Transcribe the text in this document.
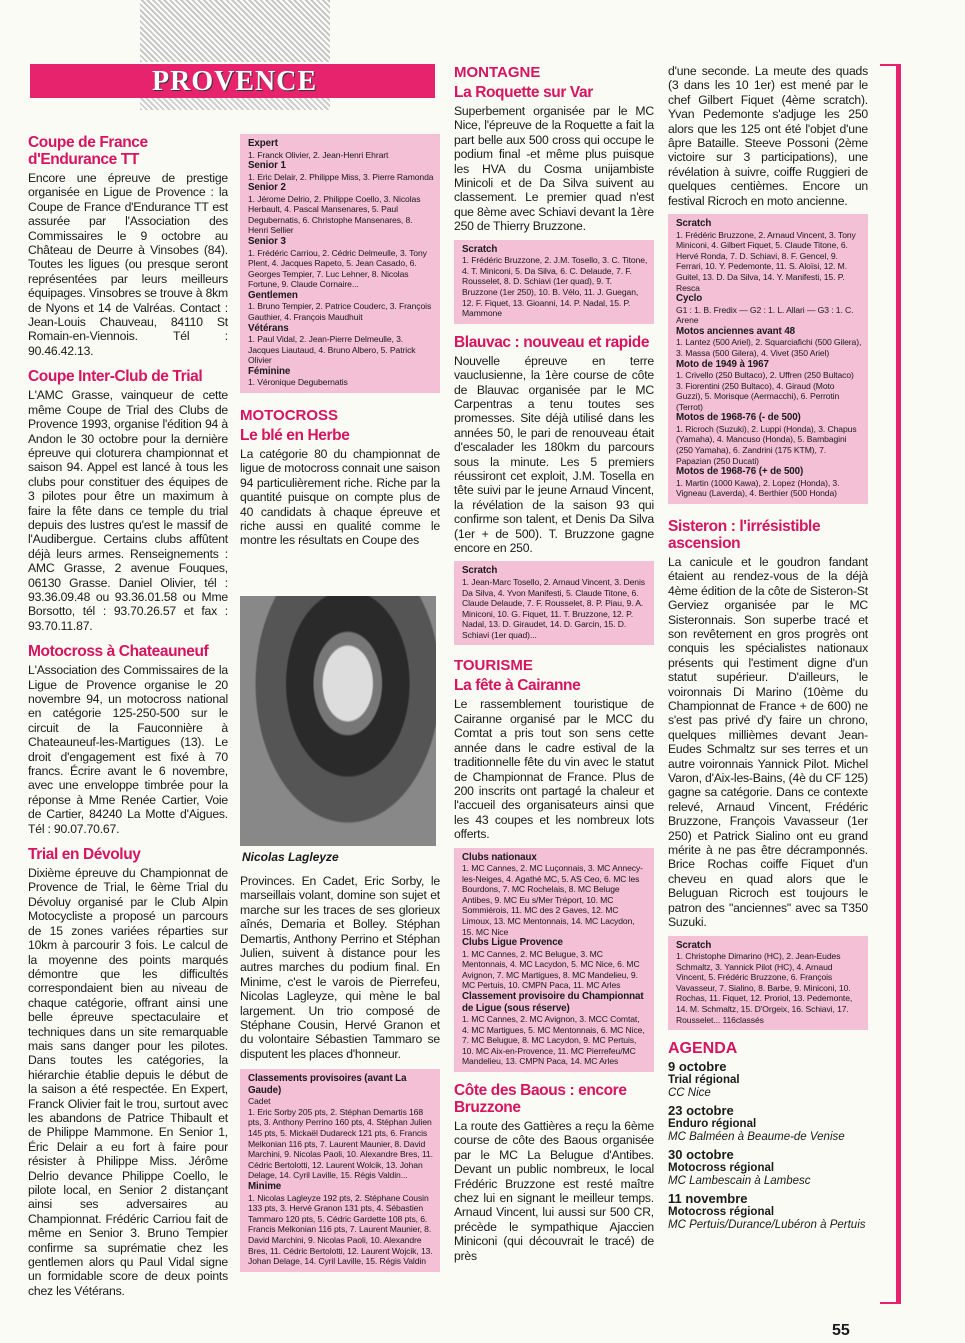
PROVENCE
Coupe de France d'Endurance TT

Encore une épreuve de prestige organisée en Ligue de Provence : la Coupe de France d'Endurance TT est assurée par l'Association des Commissaires le 9 octobre au Château de Deurre à Vinsobes (84). Toutes les ligues (ou presque seront représentées par leurs meilleurs équipages. Vinsobres se trouve à 8km de Nyons et 14 de Valréas. Contact : Jean-Louis Chauveau, 84110 St Romain-en-Viennois. Tél : 90.46.42.13.

Coupe Inter-Club de Trial

L'AMC Grasse, vainqueur de cette même Coupe de Trial des Clubs de Provence 1993, organise l'édition 94 à Andon le 30 octobre pour la dernière épreuve qui cloturera championnat et saison 94. Appel est lancé à tous les clubs pour constituer des équipes de 3 pilotes pour être un maximum à faire la fête dans ce temple du trial depuis des lustres qu'est le massif de l'Audibergue. Certains clubs affûtent déjà leurs armes. Renseignements : AMC Grasse, 2 avenue Fouques, 06130 Grasse. Daniel Olivier, tél : 93.36.09.48 ou 93.36.01.58 ou Mme Borsotto, tél : 93.70.26.57 et fax : 93.70.11.87.

Motocross à Chateauneuf

L'Association des Commissaires de la Ligue de Provence organise le 20 novembre 94, un motocross national en catégorie 125-250-500 sur le circuit de la Fauconnière à Chateauneuf-les-Martigues (13). Le droit d'engagement est fixé à 70 francs. Écrire avant le 6 novembre, avec une enveloppe timbrée pour la réponse à Mme Renée Cartier, Voie de Cartier, 84240 La Motte d'Aigues. Tél : 90.07.70.67.

Trial en Dévoluy

Dixième épreuve du Championnat de Provence de Trial, le 6ème Trial du Dévoluy organisé par le Club Alpin Motocycliste a proposé un parcours de 15 zones variées réparties sur 10km à parcourir 3 fois. Le calcul de la moyenne des points marqués démontre que les difficultés correspondaient bien au niveau de chaque catégorie, offrant ainsi une belle épreuve spectaculaire et techniques dans un site remarquable mais sans danger pour les pilotes. Dans toutes les catégories, la hiérarchie établie depuis le début de la saison a été respectée. En Expert, Franck Olivier fait le trou, surtout avec les abandons de Patrice Thibault et de Philippe Mammone. En Senior 1, Éric Delair a eu fort à faire pour résister à Philippe Miss. Jérôme Delrio devance Philippe Coello, le pilote local, en Senior 2 distançant ainsi ses adversaires au Championnat. Frédéric Carriou fait de même en Senior 3. Bruno Tempier confirme sa suprématie chez les gentlemen alors qu Paul Vidal signe un formidable score de deux points chez les Vétérans.

Expert
1. Franck Olivier, 2. Jean-Henri Ehrart
Senior 1
1. Eric Delair, 2. Philippe Miss, 3. Pierre Ramonda
Senior 2
1. Jérome Delrio, 2. Philippe Coello, 3. Nicolas Herbault, 4. Pascal Mansenares, 5. Paul Degubernatis, 6. Christophe Mansenares, 8. Henri Sellier
Senior 3
1. Frédéric Carriou, 2. Cédric Delmeulle, 3. Tony Plent, 4. Jacques Rapeto, 5. Jean Casado, 6. Georges Tempier, 7. Luc Lehner, 8. Nicolas Fortune, 9. Claude Cornaire...
Gentlemen
1. Bruno Tempier, 2. Patrice Couderc, 3. François Gauthier, 4. François Maudhuit
Vétérans
1. Paul Vidal, 2. Jean-Pierre Delmeulle, 3. Jacques Liautaud, 4. Bruno Albero, 5. Patrick Olivier
Féminine
1. Véronique Degubernatis
MOTOCROSS
Le blé en Herbe

La catégorie 80 du championnat de ligue de motocross connait une saison 94 particulièrement riche. Riche par la quantité puisque on compte plus de 40 candidats à chaque épreuve et riche aussi en qualité comme le montre les résultats en Coupe des

Nicolas Lagleyze

Provinces. En Cadet, Eric Sorby, le marseillais volant, domine son sujet et marche sur les traces de ses glorieux aînés, Demaria et Bolley. Stéphan Demartis, Anthony Perrino et Stéphan Julien, suivent à distance pour les autres marches du podium final. En Minime, c'est le varois de Pierrefeu, Nicolas Lagleyze, qui mène le bal largement. Un trio composé de Stéphane Cousin, Hervé Granon et du volontaire Sébastien Tammaro se disputent les places d'honneur.

Classements provisoires (avant La Gaude)
Cadet
1. Eric Sorby 205 pts, 2. Stéphan Demartis 168 pts, 3. Anthony Perrino 160 pts, 4. Stéphan Julien 145 pts, 5. Mickaël Dudareck 121 pts, 6. Francis Melkonian 116 pts, 7. Laurent Maunier, 8. David Marchini, 9. Nicolas Paoli, 10. Alexandre Bres, 11. Cédric Bertolotti, 12. Laurent Wolcik, 13. Johan Delage, 14. Cyril Laville, 15. Régis Valdin...
Minime
1. Nicolas Lagleyze 192 pts, 2. Stéphane Cousin 133 pts, 3. Hervé Granon 131 pts, 4. Sébastien Tammaro 120 pts, 5. Cédric Gardette 108 pts, 6. Francis Melkonian 116 pts, 7. Laurent Maunier, 8. David Marchini, 9. Nicolas Paoli, 10. Alexandre Bres, 11. Cédric Bertolotti, 12. Laurent Wojcik, 13. Johan Delage, 14. Cyril Laville, 15. Régis Valdin
MONTAGNE
La Roquette sur Var

Superbement organisée par le MC Nice, l'épreuve de la Roquette a fait la part belle aux 500 cross qui occupe le podium final -et même plus puisque les HVA du Cosma unijambiste Minicoli et de Da Silva suivent au classement. Le premier quad n'est que 8ème avec Schiavi devant la 1ère 250 de Thierry Bruzzone.

Scratch
1. Frédéric Bruzzone, 2. J.M. Tosello, 3. C. Titone, 4. T. Miniconi, 5. Da Silva, 6. C. Delaude, 7. F. Rousselet, 8. D. Schiavi (1er quad), 9. T. Bruzzone (1er 250), 10. B. Vélo, 11. J. Guegan, 12. F. Fiquet, 13. Gioanni, 14. P. Nadal, 15. P. Mammone
Blauvac : nouveau et rapide

Nouvelle épreuve en terre vauclusienne, la 1ère course de côte de Blauvac organisée par le MC Carpentras a tenu toutes ses promesses. Site déjà utilisé dans les années 50, le pari de renouveau était d'escalader les 180km du parcours sous la minute. Les 5 premiers réussiront cet exploit, J.M. Tosella en tête suivi par le jeune Arnaud Vincent, la révélation de la saison 93 qui confirme son talent, et Denis Da Silva (1er + de 500). T. Bruzzone gagne encore en 250.

Scratch
1. Jean-Marc Tosello, 2. Arnaud Vincent, 3. Denis Da Silva, 4. Yvon Manifesti, 5. Claude Titone, 6. Claude Delaude, 7. F. Rousselet, 8. P. Piau, 9. A. Miniconi, 10. G. Fiquet, 11. T. Bruzzone, 12. P. Nadal, 13. D. Giraudet, 14. D. Garcin, 15. D. Schiavi (1er quad)...
TOURISME
La fête à Cairanne

Le rassemblement touristique de Cairanne organisé par le MCC du Comtat a pris tout son sens cette année dans le cadre estival de la traditionnelle fête du vin avec le statut de Championnat de France. Plus de 200 inscrits ont partagé la chaleur et l'accueil des organisateurs ainsi que les 43 coupes et les nombreux lots offerts.

Clubs nationaux
1. MC Cannes, 2. MC Luçonnais, 3. MC Annecy-les-Neiges, 4. Agathé MC, 5. AS Ceo, 6. MC les Bourdons, 7. MC Rochelais, 8. MC Beluge Antibes, 9. MC Eu s/Mer Tréport, 10. MC Sommiérois, 11. MC des 2 Gaves, 12. MC Limoux, 13. MC Mentonnais, 14. MC Lacydon, 15. MC Nice
Clubs Ligue Provence
1. MC Cannes, 2. MC Belugue, 3. MC Mentonnais, 4. MC Lacydon, 5. MC Nice, 6. MC Avignon, 7. MC Martigues, 8. MC Mandelieu, 9. MC Pertuis, 10. CMPN Paca, 11. MC Arles
Classement provisoire du Championnat de Ligue (sous réserve)
1. MC Cannes, 2. MC Avignon, 3. MCC Comtat, 4. MC Martigues, 5. MC Mentonnais, 6. MC Nice, 7. MC Belugue, 8. MC Lacydon, 9. MC Pertuis, 10. MC Aix-en-Provence, 11. MC Pierrefeu/MC Mandelieu, 13. CMPN Paca, 14. MC Arles
Côte des Baous : encore Bruzzone

La route des Gattières a reçu la 6ème course de côte des Baous organisée par le MC La Belugue d'Antibes. Devant un public nombreux, le local Frédéric Bruzzone est resté maître chez lui en signant le meilleur temps. Arnaud Vincent, lui aussi sur 500 CR, précède le sympathique Ajaccien Minicon​i (qui découvrait le tracé) de près

d'une seconde. La meute des quads (3 dans les 10 1er) est mené par le chef Gilbert Fiquet (4ème scratch). Yvan Pedemonte s'adjuge les 250 alors que les 125 ont été l'objet d'une âpre Bataille. Steeve Possoni (2ème victoire sur 3 participations), une révélation à suivre, coiffe Ruggieri de quelques centièmes. Encore un festival Ricroch en moto ancienne.

Scratch
1. Frédéric Bruzzone, 2. Arnaud Vincent, 3. Tony Miniconi, 4. Gilbert Fiquet, 5. Claude Titone, 6. Hervé Ronda, 7. D. Schiavi, 8. F. Gencel, 9. Ferrari, 10. Y. Pedemonte, 11. S. Aloïsi, 12. M. Guitel, 13. D. Da Silva, 14. Y. Manifesti, 15. P. Resca
Cyclo
G1 : 1. B. Fredix — G2 : 1. L. Allari — G3 : 1. C. Arene
Motos anciennes avant 48
1. Lantez (500 Ariel), 2. Squarciafichi (500 Gilera), 3. Massa (500 Gilera), 4. Vivet (350 Ariel)
Moto de 1949 à 1967
1. Crivello (250 Bultaco), 2. Uffren (250 Bultaco) 3. Fiorentini (250 Bultaco), 4. Giraud (Moto Guzzi), 5. Morisque (Aermacchi), 6. Perrotin (Terrot)
Motos de 1968-76 (- de 500)
1. Ricroch (Suzuki), 2. Luppi (Honda), 3. Chapus (Yamaha), 4. Mancuso (Honda), 5. Bambagini (250 Yamaha), 6. Zandrini (175 KTM), 7. Papazian (250 Ducati)
Motos de 1968-76 (+ de 500)
1. Martin (1000 Kawa), 2. Lopez (Honda), 3. Vigneau (Laverda), 4. Berthier (500 Honda)
Sisteron : l'irrésistible ascension

La canicule et le goudron fandant étaient au rendez-vous de la déjà 4ème édition de la côte de Sisteron-St Gerviez organisée par le MC Sisteronnais. Son superbe tracé et son revêtement en gros progrès ont conquis les spécialistes nationaux présents qui l'estiment digne d'un statut supérieur. D'ailleurs, le voironnais Di Marino (10ème du Championnat de France + de 600) ne s'est pas privé d'y faire un chrono, quelques millièmes devant Jean-Eudes Schmaltz sur ses terres et un autre voironnais Yannick Pilot. Michel Varon, d'Aix-les-Bains, (4è du CF 125) gagne sa catégorie. Dans ce contexte relevé, Arnaud Vincent, Frédéric Bruzzone, François Vavasseur (1er 250) et Patrick Sialino ont eu grand mérite à ne pas être décramponnés. Brice Rochas coiffe Fiquet d'un cheveu en quad alors que le Beluguan Ricroch est toujours le patron des "anciennes" avec sa T350 Suzuki.

Scratch
1. Christophe Dimarino (HC), 2. Jean-Eudes Schmaltz, 3. Yannick Pilot (HC), 4. Arnaud Vincent, 5. Frédéric Bruzzone, 6. François Vavasseur, 7. Sialino, 8. Barbe, 9. Miniconi, 10. Rochas, 11. Fiquet, 12. Proriol, 13. Pedemonte, 14. M. Schmaltz, 15. D'Orgeix, 16. Schiavi, 17. Rousselet... 116classés
AGENDA
9 octobre
Trial régional
CC Nice
23 octobre
Enduro régional
MC Balméen à Beaume-de Venise
30 octobre
Motocross régional
MC Lambescain à Lambesc
11 novembre
Motocross régional
MC Pertuis/Durance/Lubéron à Pertuis
55
